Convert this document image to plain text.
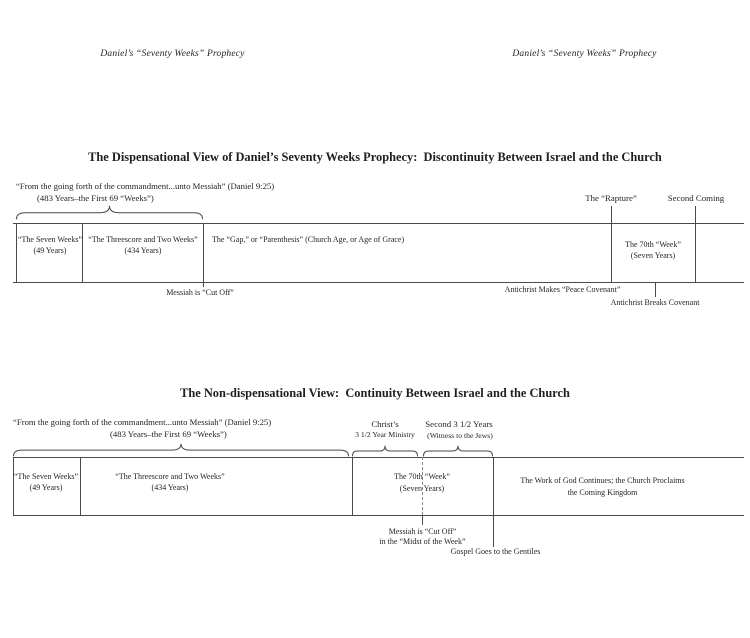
Daniel’s “Seventy Weeks” Prophecy	Daniel’s “Seventy Weeks” Prophecy
The Dispensational View of Daniel’s Seventy Weeks Prophecy:  Discontinuity Between Israel and the Church
“From the going forth of the commandment...unto Messiah” (Daniel 9:25)
(483 Years–the First 69 “Weeks”)	The “Rapture”	Second Coming
“The Seven Weeks”
(49 Years)
“The Threescore and Two Weeks”
(434 Years)
The “Gap,” or “Parenthesis” (Church Age, or Age of Grace)
The 70th “Week”
(Seven Years)
Messiah is “Cut Off”	Antichrist Makes “Peace Covenant”
Antichrist Breaks Covenant
The Non-dispensational View:  Continuity Between Israel and the Church
“From the going forth of the commandment...unto Messiah” (Daniel 9:25)
(483 Years–the First 69 “Weeks”)
Christ’s
3 1/2 Year Ministry
Second 3 1/2 Years
(Witness to the Jews)
“The Seven Weeks”
(49 Years)
“The Threescore and Two Weeks”
(434 Years)
The 70th “Week”
(Seven Years)
The Work of God Continues; the Church Proclaims
the Coming Kingdom
Messiah is “Cut Off”
in the “Midst of the Week”
Gospel Goes to the Gentiles
